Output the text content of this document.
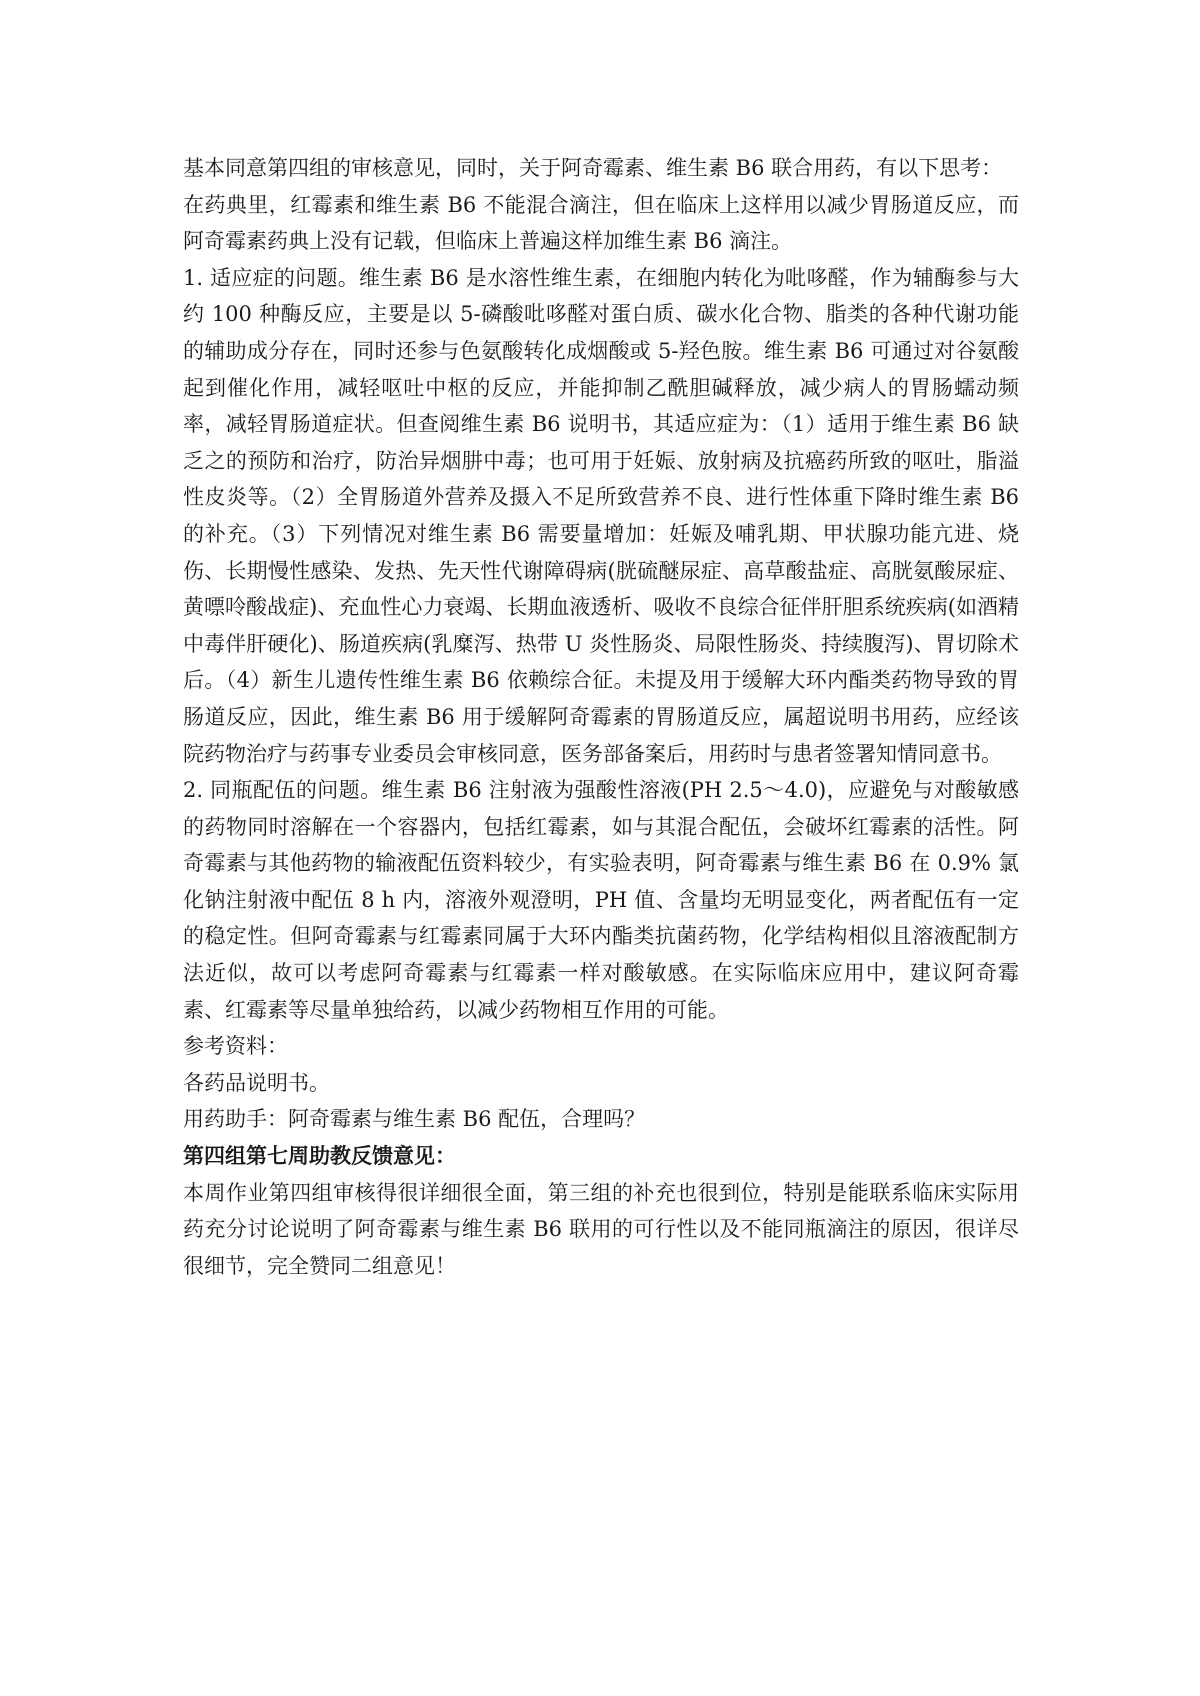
基本同意第四组的审核意见，同时，关于阿奇霉素、维生素 B6 联合用药，有以下思考：

在药典里，红霉素和维生素 B6 不能混合滴注，但在临床上这样用以减少胃肠道反应，而阿奇霉素药典上没有记载，但临床上普遍这样加维生素 B6 滴注。

1. 适应症的问题。维生素 B6 是水溶性维生素，在细胞内转化为吡哆醛，作为辅酶参与大约 100 种酶反应，主要是以 5-磷酸吡哆醛对蛋白质、碳水化合物、脂类的各种代谢功能的辅助成分存在，同时还参与色氨酸转化成烟酸或 5-羟色胺。维生素 B6 可通过对谷氨酸起到催化作用，减轻呕吐中枢的反应，并能抑制乙酰胆碱释放，减少病人的胃肠蠕动频率，减轻胃肠道症状。但查阅维生素 B6 说明书，其适应症为：（1）适用于维生素 B6 缺乏之的预防和治疗，防治异烟肼中毒；也可用于妊娠、放射病及抗癌药所致的呕吐，脂溢性皮炎等。（2）全胃肠道外营养及摄入不足所致营养不良、进行性体重下降时维生素 B6 的补充。（3）下列情况对维生素 B6 需要量增加：妊娠及哺乳期、甲状腺功能亢进、烧伤、长期慢性感染、发热、先天性代谢障碍病(胱硫醚尿症、高草酸盐症、高胱氨酸尿症、黄嘌呤酸战症)、充血性心力衰竭、长期血液透析、吸收不良综合征伴肝胆系统疾病(如酒精中毒伴肝硬化)、肠道疾病(乳糜泻、热带 U 炎性肠炎、局限性肠炎、持续腹泻)、胃切除术后。（4）新生儿遗传性维生素 B6 依赖综合征。未提及用于缓解大环内酯类药物导致的胃肠道反应，因此，维生素 B6 用于缓解阿奇霉素的胃肠道反应，属超说明书用药，应经该院药物治疗与药事专业委员会审核同意，医务部备案后，用药时与患者签署知情同意书。

2. 同瓶配伍的问题。维生素 B6 注射液为强酸性溶液(PH 2.5～4.0)，应避免与对酸敏感的药物同时溶解在一个容器内，包括红霉素，如与其混合配伍，会破坏红霉素的活性。阿奇霉素与其他药物的输液配伍资料较少，有实验表明，阿奇霉素与维生素 B6 在 0.9% 氯化钠注射液中配伍 8 h 内，溶液外观澄明，PH 值、含量均无明显变化，两者配伍有一定的稳定性。但阿奇霉素与红霉素同属于大环内酯类抗菌药物，化学结构相似且溶液配制方法近似，故可以考虑阿奇霉素与红霉素一样对酸敏感。在实际临床应用中，建议阿奇霉素、红霉素等尽量单独给药，以减少药物相互作用的可能。

参考资料：

各药品说明书。

用药助手：阿奇霉素与维生素 B6 配伍，合理吗？

第四组第七周助教反馈意见：

本周作业第四组审核得很详细很全面，第三组的补充也很到位，特别是能联系临床实际用药充分讨论说明了阿奇霉素与维生素 B6 联用的可行性以及不能同瓶滴注的原因，很详尽很细节，完全赞同二组意见！
